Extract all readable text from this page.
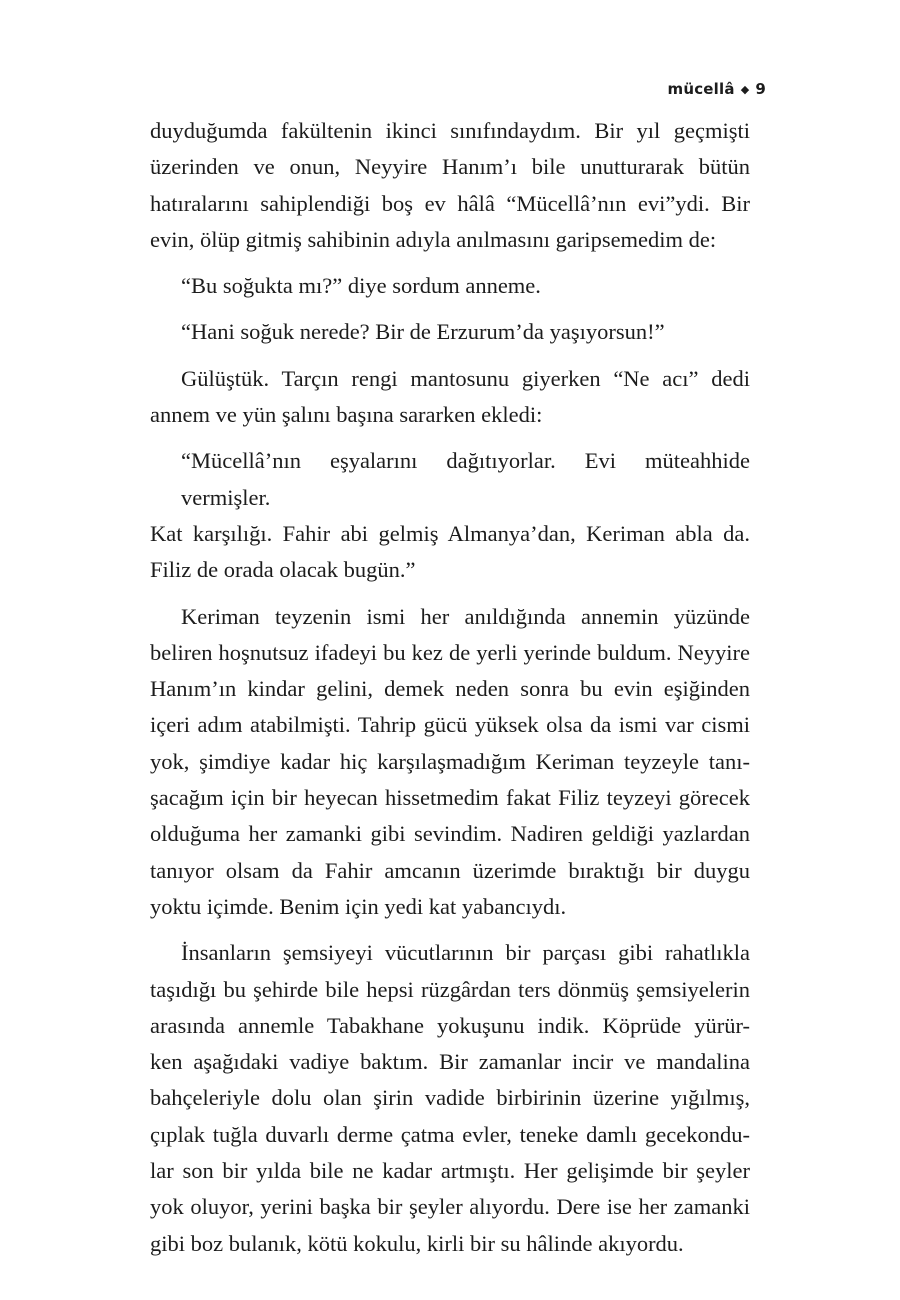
mücellâ ◆ 9

duyduğumda fakültenin ikinci sınıfındaydım. Bir yıl geçmişti

üzerinden ve onun, Neyyire Hanım’ı bile unutturarak bütün

hatıralarını sahiplendiği boş ev hâlâ “Mücellâ’nın evi”ydi. Bir

evin, ölüp gitmiş sahibinin adıyla anılmasını garipsemedim de:

“Bu soğukta mı?” diye sordum anneme.

“Hani soğuk nerede? Bir de Erzurum’da yaşıyorsun!”

Gülüştük. Tarçın rengi mantosunu giyerken “Ne acı” dedi

annem ve yün şalını başına sararken ekledi:

“Mücellâ’nın eşyalarını dağıtıyorlar. Evi müteahhide vermişler.

Kat karşılığı. Fahir abi gelmiş Almanya’dan, Keriman abla da.

Filiz de orada olacak bugün.”

Keriman teyzenin ismi her anıldığında annemin yüzünde

beliren hoşnutsuz ifadeyi bu kez de yerli yerinde buldum. Neyyire

Hanım’ın kindar gelini, demek neden sonra bu evin eşiğinden

içeri adım atabilmişti. Tahrip gücü yüksek olsa da ismi var cismi

yok, şimdiye kadar hiç karşılaşmadığım Keriman teyzeyle tanı-

şacağım için bir heyecan hissetmedim fakat Filiz teyzeyi görecek

olduğuma her zamanki gibi sevindim. Nadiren geldiği yazlardan

tanıyor olsam da Fahir amcanın üzerimde bıraktığı bir duygu

yoktu içimde. Benim için yedi kat yabancıydı.

İnsanların şemsiyeyi vücutlarının bir parçası gibi rahatlıkla

taşıdığı bu şehirde bile hepsi rüzgârdan ters dönmüş şemsiyelerin

arasında annemle Tabakhane yokuşunu indik. Köprüde yürür-

ken aşağıdaki vadiye baktım. Bir zamanlar incir ve mandalina

bahçeleriyle dolu olan şirin vadide birbirinin üzerine yığılmış,

çıplak tuğla duvarlı derme çatma evler, teneke damlı gecekondu-

lar son bir yılda bile ne kadar artmıştı. Her gelişimde bir şeyler

yok oluyor, yerini başka bir şeyler alıyordu. Dere ise her zamanki

gibi boz bulanık, kötü kokulu, kirli bir su hâlinde akıyordu.
